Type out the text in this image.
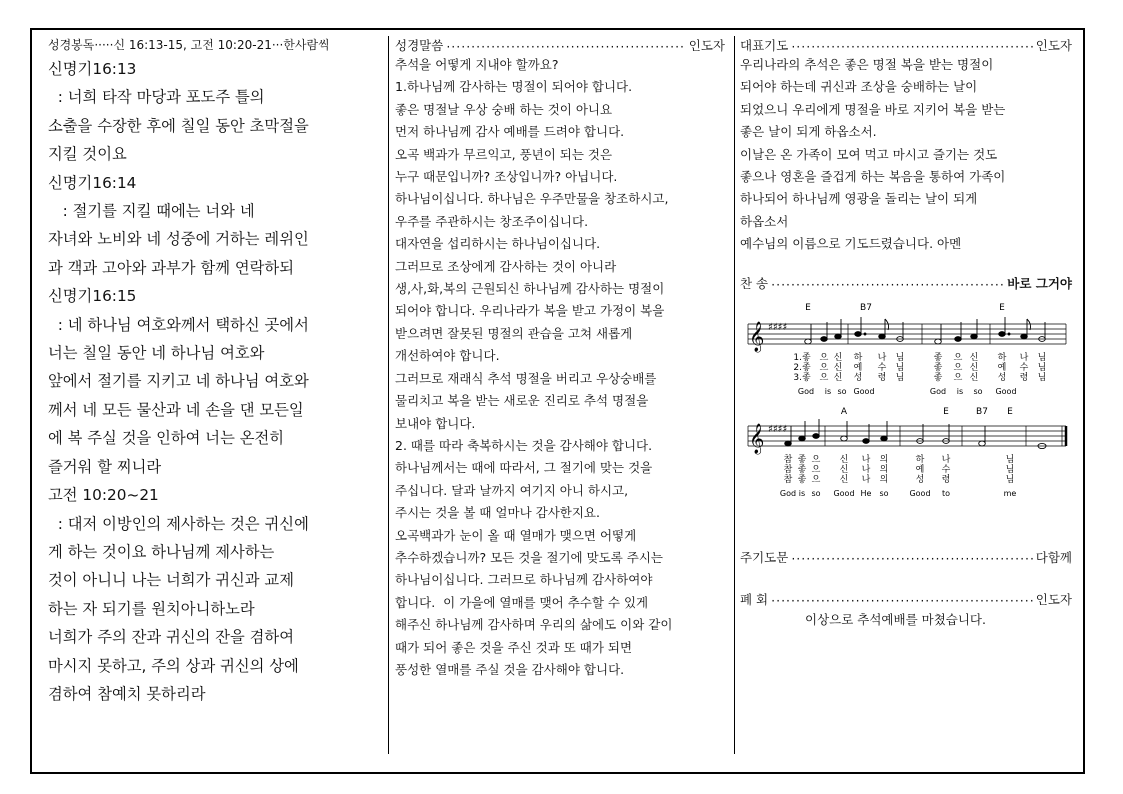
성경봉독·····신 16:13-15, 고전 10:20-21···한사람씩
신명기16:13
: 너희 타작 마당과 포도주 틀의
소출을 수장한 후에 칠일 동안 초막절을
지킬 것이요
신명기16:14
: 절기를 지킬 때에는 너와 네
자녀와 노비와 네 성중에 거하는 레위인
과 객과 고아와 과부가 함께 연락하되
신명기16:15
: 네 하나님 여호와께서 택하신 곳에서
너는 칠일 동안 네 하나님 여호와
앞에서 절기를 지키고 네 하나님 여호와
께서 네 모든 물산과 네 손을 댄 모든일
에 복 주실 것을 인하여 너는 온전히
즐거워 할 찌니라
고전 10:20~21
: 대저 이방인의 제사하는 것은 귀신에
게 하는 것이요 하나님께 제사하는
것이 아니니 나는 너희가 귀신과 교제
하는 자 되기를 원치아니하노라
너희가 주의 잔과 귀신의 잔을 겸하여
마시지 못하고, 주의 상과 귀신의 상에
겸하여 참예치 못하리라
성경말씀 ·····	인도자
추석을 어떻게 지내야 할까요?
1.하나님께 감사하는 명절이 되어야 합니다.
좋은 명절날 우상 숭배 하는 것이 아니요
먼저 하나님께 감사 예배를 드려야 합니다.
오곡 백과가 무르익고, 풍년이 되는 것은
누구 때문입니까? 조상입니까? 아닙니다.
하나님이십니다. 하나님은 우주만물을 창조하시고,
우주를 주관하시는 창조주이십니다.
대자연을 섭리하시는 하나님이십니다.
그러므로 조상에게 감사하는 것이 아니라
생,사,화,복의 근원되신 하나님께 감사하는 명절이
되어야 합니다. 우리나라가 복을 받고 가정이 복을
받으려면 잘못된 명절의 관습을 고쳐 새롭게
개선하여야 합니다.
그러므로 재래식 추석 명절을 버리고 우상숭배를
물리치고 복을 받는 새로운 진리로 추석 명절을
보내야 합니다.
2. 때를 따라 축복하시는 것을 감사해야 합니다.
하나님께서는 때에 따라서, 그 절기에 맞는 것을
주십니다. 달과 날까지 여기지 아니 하시고,
주시는 것을 볼 때 얼마나 감사한지요.
오곡백과가 눈이 올 때 열매가 맺으면 어떻게
추수하겠습니까? 모든 것을 절기에 맞도록 주시는
하나님이십니다. 그러므로 하나님께 감사하여야
합니다.  이 가을에 열매를 맺어 추수할 수 있게
해주신 하나님께 감사하며 우리의 삶에도 이와 같이
때가 되어 좋은 것을 주신 것과 또 때가 되면
풍성한 열매를 주실 것을 감사해야 합니다.
대표기도 ·····	인도자
우리나라의 추석은 좋은 명절 복을 받는 명절이
되어야 하는데 귀신과 조상을 숭배하는 날이
되었으니 우리에게 명절을 바로 지키어 복을 받는
좋은 날이 되게 하옵소서.
이날은 온 가족이 모여 먹고 마시고 즐기는 것도
좋으나 영혼을 즐겁게 하는 복음을 통하여 가족이
하나되어 하나님께 영광을 돌리는 날이 되게
하옵소서
예수님의 이름으로 기도드렸습니다. 아멘
찬 송 ·····	바로 그거야
𝄞 ♯♯♯♯
E	B7	E
1.좋 으 신 하 나 님	좋 으 신 하 나 님
2.좋 으 신 예 수 님	좋 으 신 예 수 님
3.좋 으 신 성 령 님	좋 으 신 성 령 님
God is so Good	God is so Good
𝄞 ♯♯♯♯
A	E	B7 E
참 좋 으 신 나 의	하 나	님
참 좋 으 신 나 의	예 수	님
참 좋 으 신 나 의	성 령	님
God is so Good He so	Good to	me
주기도문 ·····	다함께
폐 회 ·····	인도자
이상으로 추석예배를 마쳤습니다.
